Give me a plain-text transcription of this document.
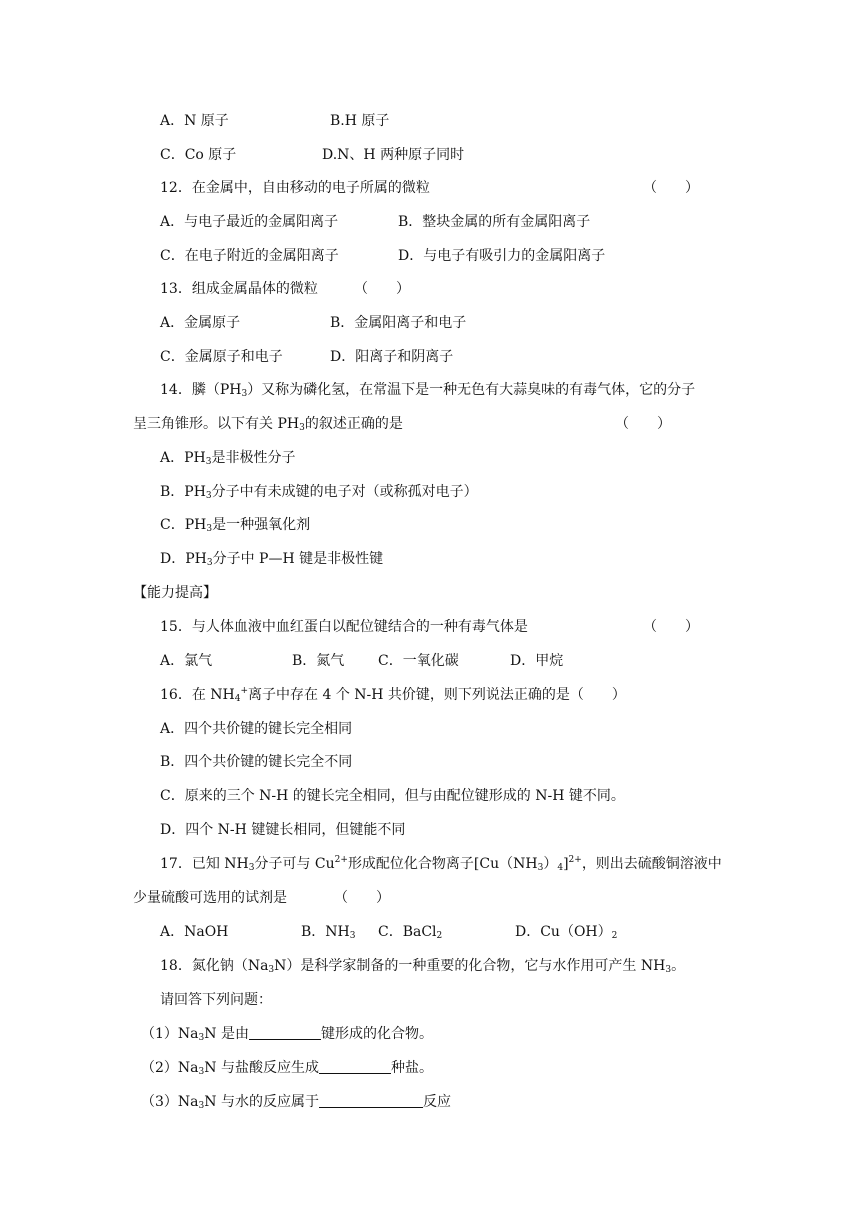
A．N 原子	B.H 原子
C．Co 原子	D.N、H 两种原子同时
12．在金属中，自由移动的电子所属的微粒	（　　）
A．与电子最近的金属阳离子	B．整块金属的所有金属阳离子
C．在电子附近的金属阳离子	D．与电子有吸引力的金属阳离子
13．组成金属晶体的微粒	（　　）
A．金属原子	B．金属阳离子和电子
C．金属原子和电子	D．阳离子和阴离子
14．膦$(PH_3)$又称为磷化氢，在常温下是一种无色有大蒜臭味的有毒气体，它的分子
呈三角锥形。以下有关 $PH_3$的叙述正确的是	（　　）
A．$PH_3$是非极性分子
B．$PH_3$分子中有未成键的电子对（或称孤对电子）
C．$PH_3$是一种强氧化剂
D．$PH_3$分子中 P—H 键是非极性键
【能力提高】
15．与人体血液中血红蛋白以配位键结合的一种有毒气体是	（　　）
A．氯气	B．氮气 C．一氧化碳	D．甲烷
16．在 $NH_4^+$离子中存在 4 个 N-H 共价键，则下列说法正确的是（　　）
A．四个共价键的键长完全相同
B．四个共价键的键长完全不同
C．原来的三个 N-H 的键长完全相同，但与由配位键形成的 N-H 键不同。
D．四个 N-H 键键长相同，但键能不同
17．已知 $NH_3$分子可与 $Cu^{2+}$形成配位化合物离子$[Cu(NH_3)_4]^{2+}$，则出去硫酸铜溶液中
少量硫酸可选用的试剂是	（　　）
A．NaOH	B．$NH_3$ C．BaCl$_2$	D．$Cu(OH)_2$
18．氮化钠$(Na_3N)$是科学家制备的一种重要的化合物，它与水作用可产生 $NH_3$。
请回答下列问题：
$(1)Na_3N$ 是由	键形成的化合物。
$(2)Na_3N$ 与盐酸反应生成	种盐。
$(3)Na_3N$ 与水的反应属于	反应
